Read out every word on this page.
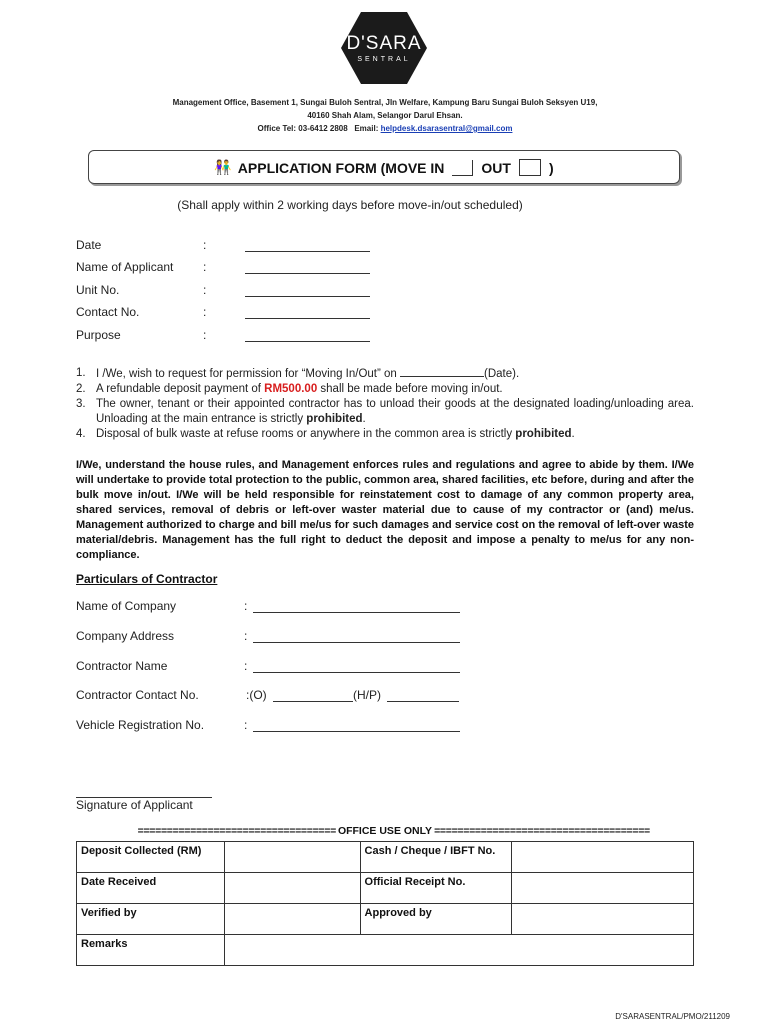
D'SARA
SENTRAL
Management Office, Basement 1, Sungai Buloh Sentral, Jln Welfare, Kampung Baru Sungai Buloh Seksyen U19,
40160 Shah Alam, Selangor Darul Ehsan.
Office Tel: 03-6412 2808 Email: helpdesk.dsarasentral@gmail.com
👫 APPLICATION FORM (MOVE IN	OUT	)
(Shall apply within 2 working days before move-in/out scheduled)
Date	:
Name of Applicant :
Unit No.	:
Contact No.	:
Purpose	:
1. I /We, wish to request for permission for “Moving In/Out” on	(Date).
2. A refundable deposit payment of RM500.00 shall be made before moving in/out.
3. The owner, tenant or their appointed contractor has to unload their goods at the designated loading/unloading area. Unloading at the main entrance is strictly prohibited.
4. Disposal of bulk waste at refuse rooms or anywhere in the common area is strictly prohibited.
I/We, understand the house rules, and Management enforces rules and regulations and agree to abide by them. I/We will undertake to provide total protection to the public, common area, shared facilities, etc before, during and after the bulk move in/out. I/We will be held responsible for reinstatement cost to damage of any common property area, shared services, removal of debris or left-over waster material due to cause of my contractor or (and) me/us. Management authorized to charge and bill me/us for such damages and service cost on the removal of left-over waste material/debris. Management has the full right to deduct the deposit and impose a penalty to me/us for any non-compliance.
Particulars of Contractor
Name of Company	:
Company Address	:
Contractor Name	:
Contractor Contact No.	:(O)	(H/P)
Vehicle Registration No.	:
Signature of Applicant
================================== OFFICE USE ONLY =====================================
Deposit Collected (RM)		Cash / Cheque / IBFT No.	
Date Received		Official Receipt No.	
Verified by		Approved by	
Remarks			
D'SARASENTRAL/PMO/211209
